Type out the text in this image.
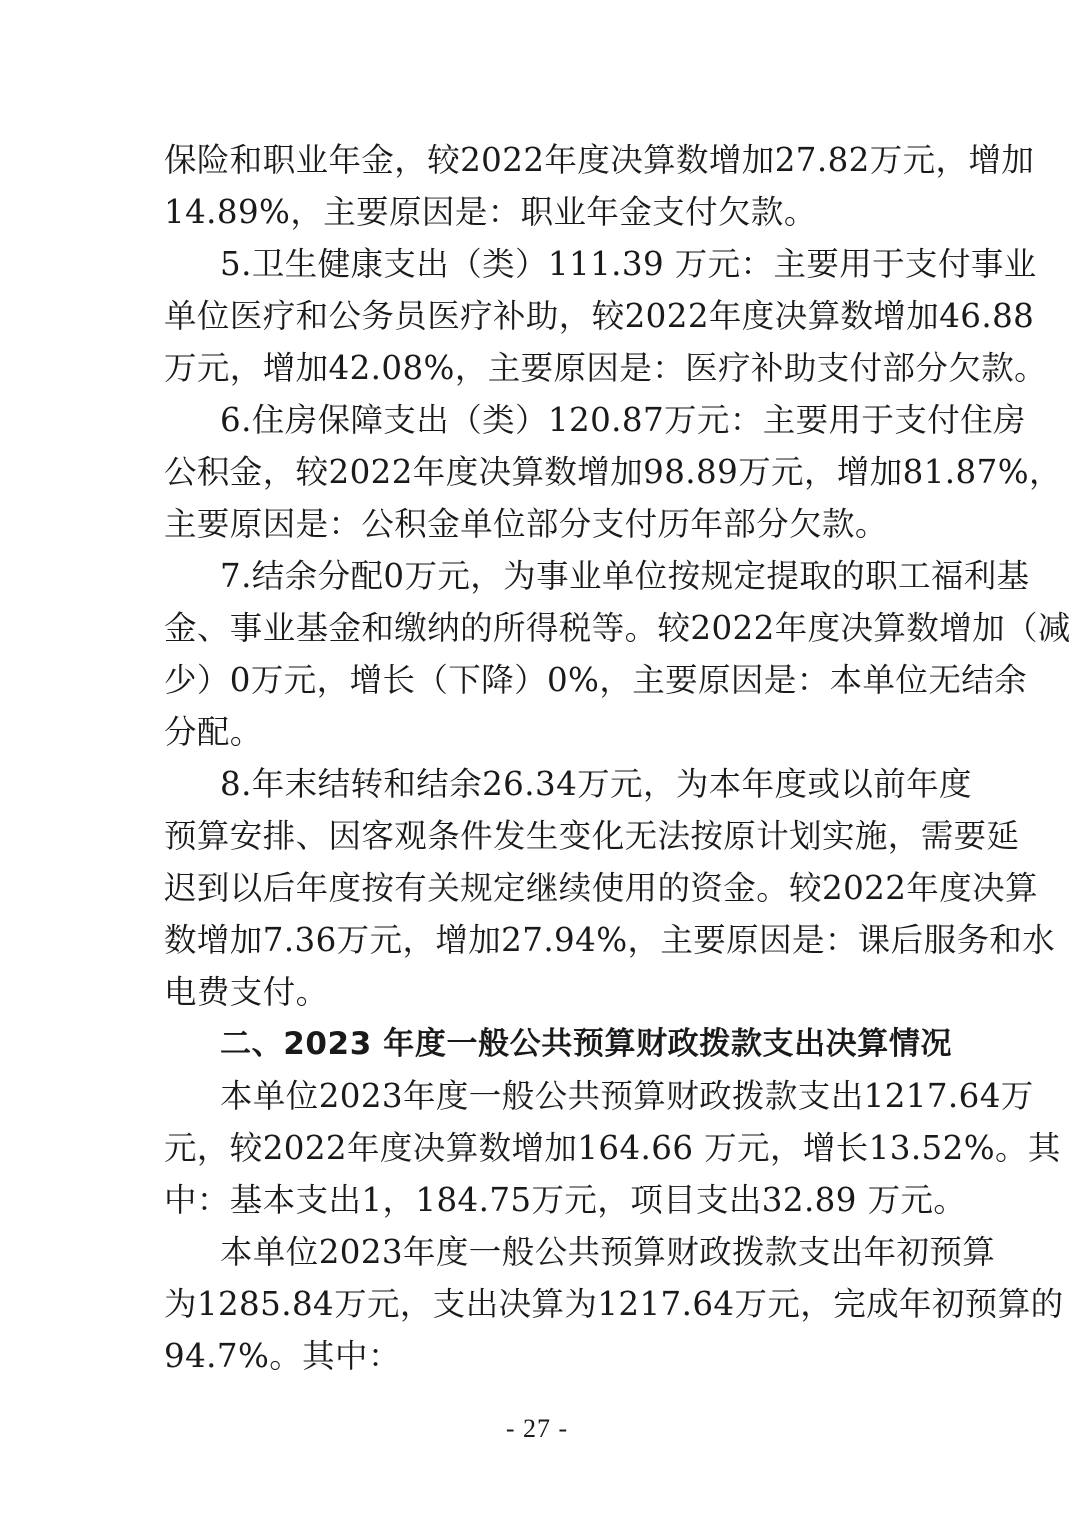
保险和职业年金，较2022年度决算数增加27.82万元，增加
14.89%，主要原因是：职业年金支付欠款。
5.卫生健康支出（类）111.39 万元：主要用于支付事业
单位医疗和公务员医疗补助，较2022年度决算数增加46.88
万元，增加42.08%，主要原因是：医疗补助支付部分欠款。
6.住房保障支出（类）120.87万元：主要用于支付住房
公积金，较2022年度决算数增加98.89万元，增加81.87%，
主要原因是：公积金单位部分支付历年部分欠款。
7.结余分配0万元，为事业单位按规定提取的职工福利基
金、事业基金和缴纳的所得税等。较2022年度决算数增加（减
少）0万元，增长（下降）0%，主要原因是：本单位无结余
分配。
8.年末结转和结余26.34万元，为本年度或以前年度
预算安排、因客观条件发生变化无法按原计划实施，需要延
迟到以后年度按有关规定继续使用的资金。较2022年度决算
数增加7.36万元，增加27.94%，主要原因是：课后服务和水
电费支付。
二、2023 年度一般公共预算财政拨款支出决算情况
本单位2023年度一般公共预算财政拨款支出1217.64万
元，较2022年度决算数增加164.66 万元，增长13.52%。其
中：基本支出1，184.75万元，项目支出32.89 万元。
本单位2023年度一般公共预算财政拨款支出年初预算
为1285.84万元，支出决算为1217.64万元，完成年初预算的
94.7%。其中：
- 27 -
